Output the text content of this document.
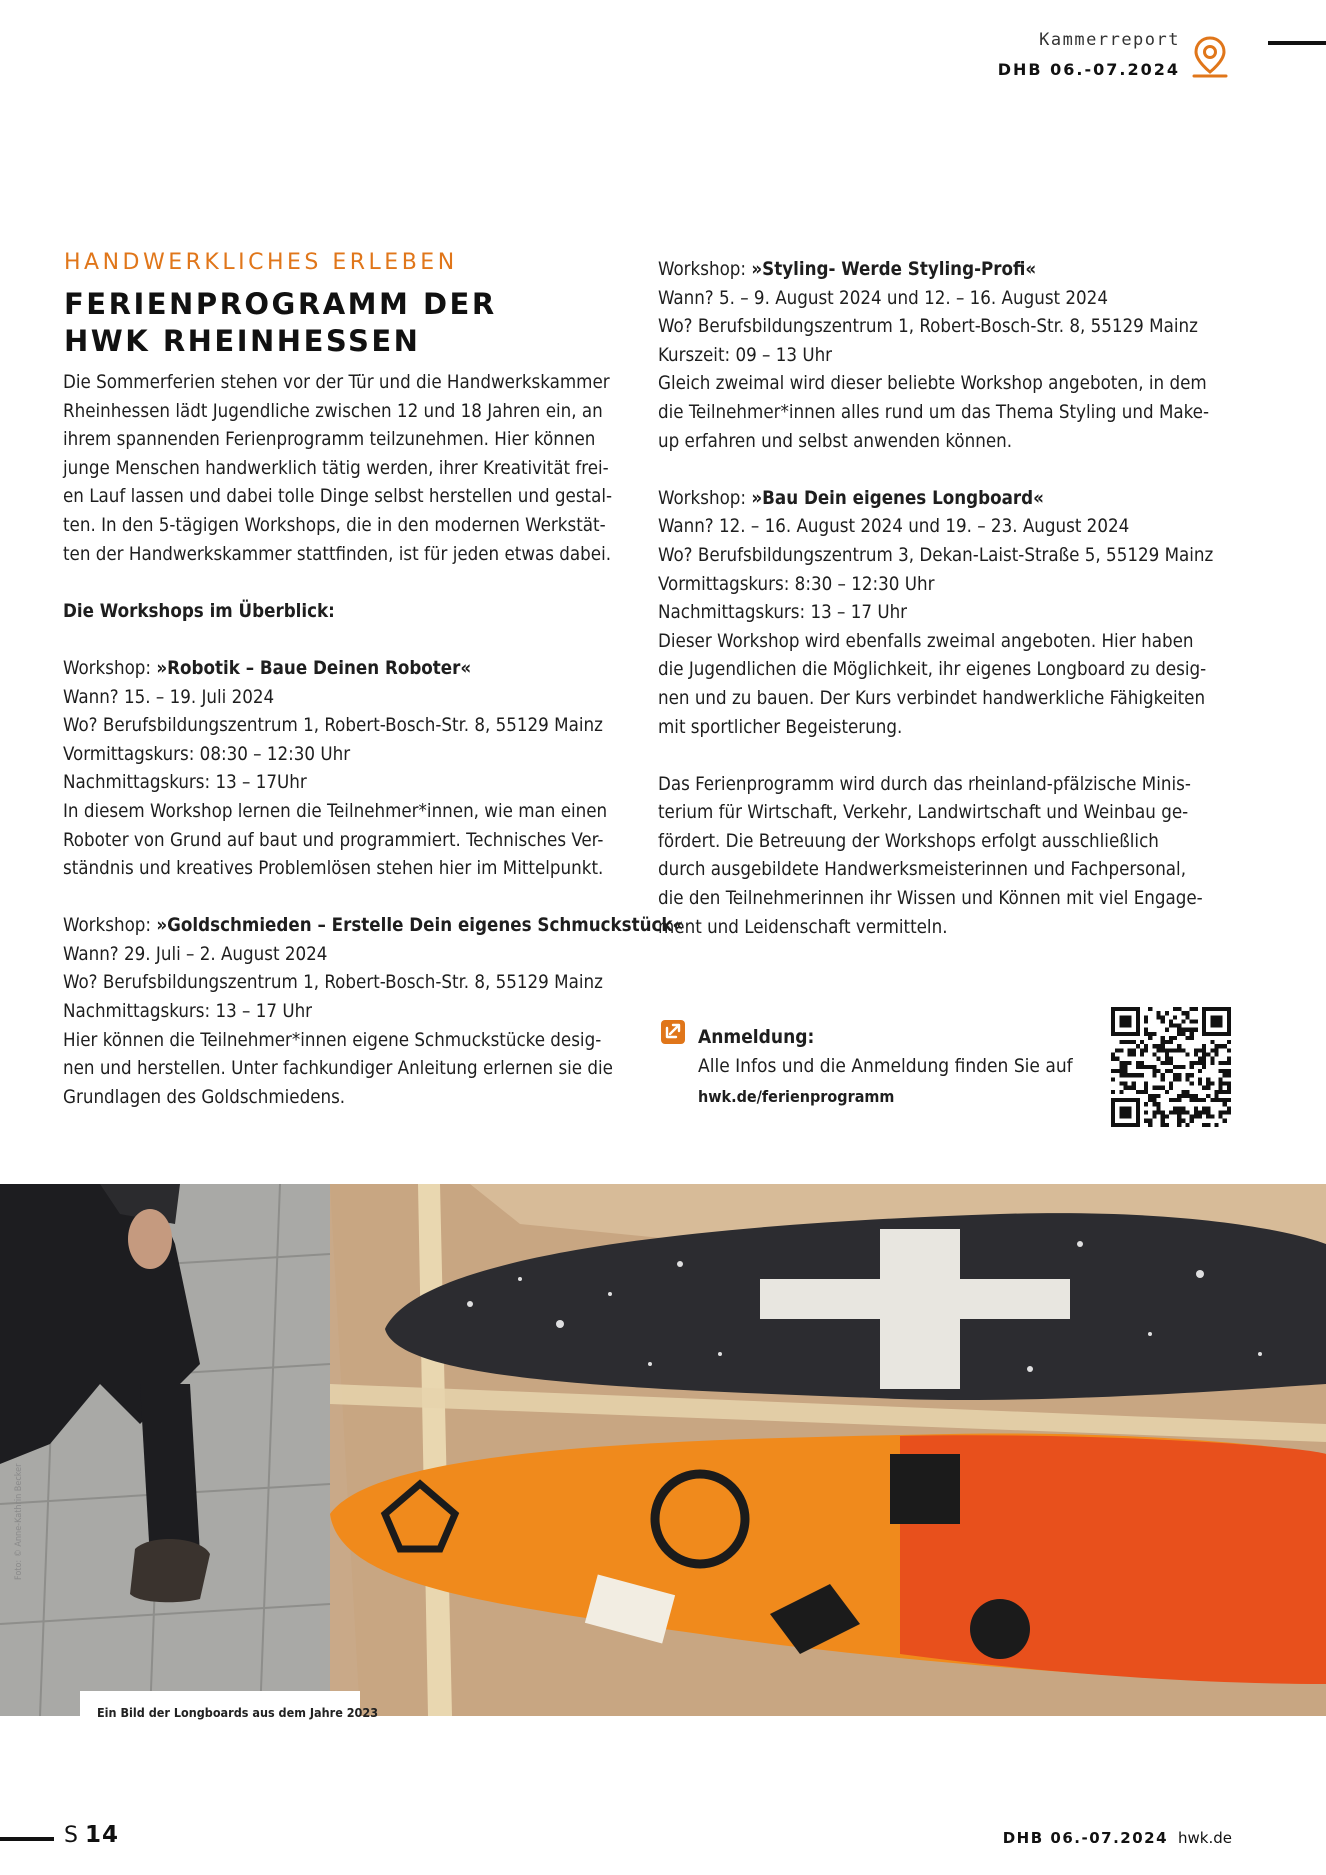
Kammerreport
DHB 06.-07.2024
HANDWERKLICHES ERLEBEN
FERIENPROGRAMM DER
HWK RHEINHESSEN
Die Sommerferien stehen vor der Tür und die Handwerkskammer
Rheinhessen lädt Jugendliche zwischen 12 und 18 Jahren ein, an
ihrem spannenden Ferienprogramm teilzunehmen. Hier können
junge Menschen handwerklich tätig werden, ihrer Kreativität frei-
en Lauf lassen und dabei tolle Dinge selbst herstellen und gestal-
ten. In den 5-tägigen Workshops, die in den modernen Werkstät-
ten der Handwerkskammer stattfinden, ist für jeden etwas dabei.
Die Workshops im Überblick:
Workshop: »Robotik – Baue Deinen Roboter«
Wann? 15. – 19. Juli 2024
Wo? Berufsbildungszentrum 1, Robert-Bosch-Str. 8, 55129 Mainz
Vormittagskurs: 08:30 – 12:30 Uhr
Nachmittagskurs: 13 – 17Uhr
In diesem Workshop lernen die Teilnehmer*innen, wie man einen
Roboter von Grund auf baut und programmiert. Technisches Ver-
ständnis und kreatives Problemlösen stehen hier im Mittelpunkt.
Workshop: »Goldschmieden – Erstelle Dein eigenes Schmuckstück«
Wann? 29. Juli – 2. August 2024
Wo? Berufsbildungszentrum 1, Robert-Bosch-Str. 8, 55129 Mainz
Nachmittagskurs: 13 – 17 Uhr
Hier können die Teilnehmer*innen eigene Schmuckstücke desig-
nen und herstellen. Unter fachkundiger Anleitung erlernen sie die
Grundlagen des Goldschmiedens.
Workshop: »Styling- Werde Styling-Profi«
Wann? 5. – 9. August 2024 und 12. – 16. August 2024
Wo? Berufsbildungszentrum 1, Robert-Bosch-Str. 8, 55129 Mainz
Kurszeit: 09 – 13 Uhr
Gleich zweimal wird dieser beliebte Workshop angeboten, in dem
die Teilnehmer*innen alles rund um das Thema Styling und Make-
up erfahren und selbst anwenden können.
Workshop: »Bau Dein eigenes Longboard«
Wann? 12. – 16. August 2024 und 19. – 23. August 2024
Wo? Berufsbildungszentrum 3, Dekan-Laist-Straße 5, 55129 Mainz
Vormittagskurs: 8:30 – 12:30 Uhr
Nachmittagskurs: 13 – 17 Uhr
Dieser Workshop wird ebenfalls zweimal angeboten. Hier haben
die Jugendlichen die Möglichkeit, ihr eigenes Longboard zu desig-
nen und zu bauen. Der Kurs verbindet handwerkliche Fähigkeiten
mit sportlicher Begeisterung.
Das Ferienprogramm wird durch das rheinland-pfälzische Minis-
terium für Wirtschaft, Verkehr, Landwirtschaft und Weinbau ge-
fördert. Die Betreuung der Workshops erfolgt ausschließlich
durch ausgebildete Handwerksmeisterinnen und Fachpersonal,
die den Teilnehmerinnen ihr Wissen und Können mit viel Engage-
ment und Leidenschaft vermitteln.
Anmeldung:
Alle Infos und die Anmeldung finden Sie auf
hwk.de/ferienprogramm
Foto: © Anne-Kathrin Becker
Ein Bild der Longboards aus dem Jahre 2023
S 14	DHB 06.-07.2024 hwk.de
